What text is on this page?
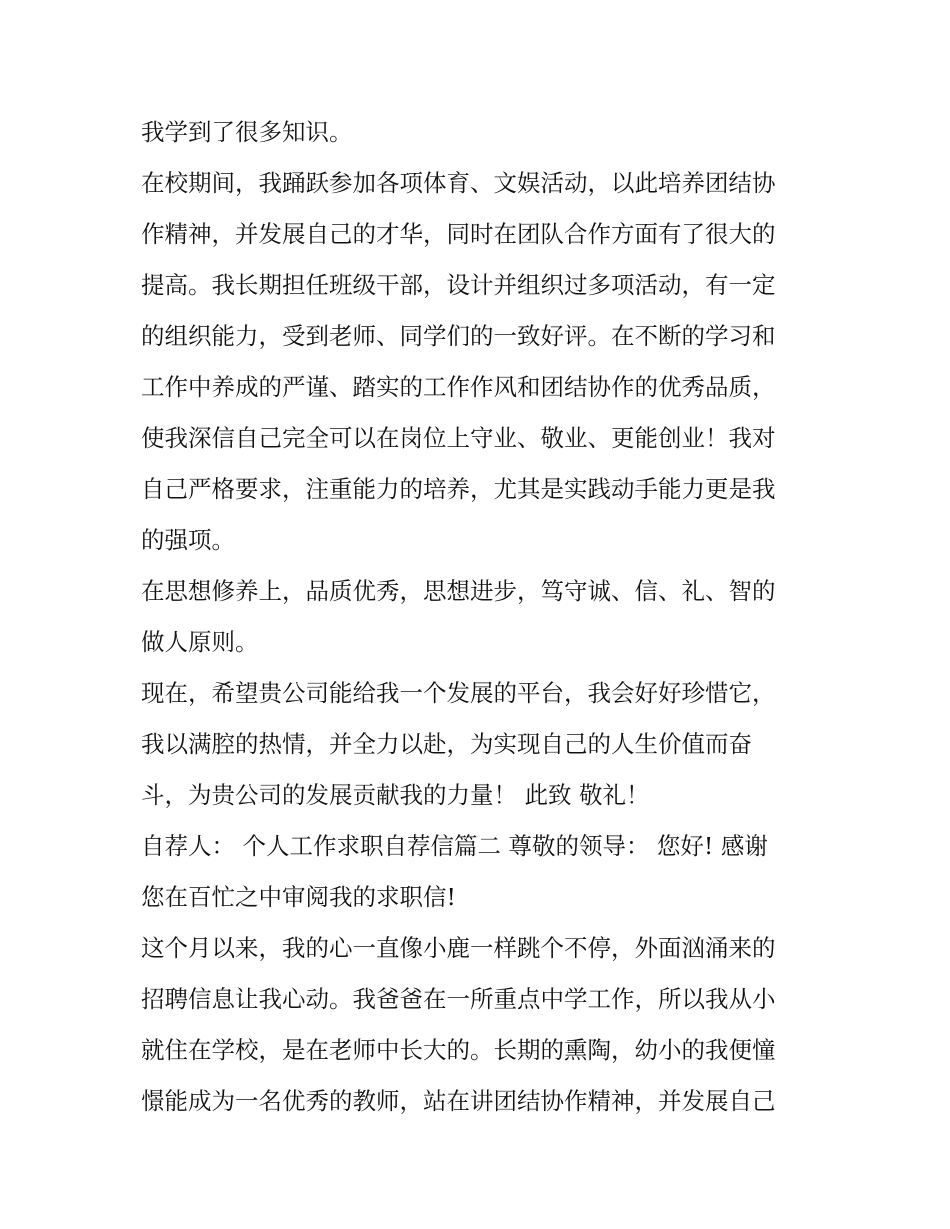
我学到了很多知识。
在校期间，我踊跃参加各项体育、文娱活动，以此培养团结协
作精神，并发展自己的才华，同时在团队合作方面有了很大的
提高。我长期担任班级干部，设计并组织过多项活动，有一定
的组织能力，受到老师、同学们的一致好评。在不断的学习和
工作中养成的严谨、踏实的工作作风和团结协作的优秀品质，
使我深信自己完全可以在岗位上守业、敬业、更能创业！我对
自己严格要求，注重能力的培养，尤其是实践动手能力更是我
的强项。
在思想修养上，品质优秀，思想进步，笃守诚、信、礼、智的
做人原则。
现在，希望贵公司能给我一个发展的平台，我会好好珍惜它，
我以满腔的热情，并全力以赴，为实现自己的人生价值而奋
斗，为贵公司的发展贡献我的力量！ 此致 敬礼！
自荐人： 个人工作求职自荐信篇二 尊敬的领导： 您好! 感谢
您在百忙之中审阅我的求职信!
这个月以来，我的心一直像小鹿一样跳个不停，外面汹涌来的
招聘信息让我心动。我爸爸在一所重点中学工作，所以我从小
就住在学校，是在老师中长大的。长期的熏陶，幼小的我便憧
憬能成为一名优秀的教师，站在讲团结协作精神，并发展自己
